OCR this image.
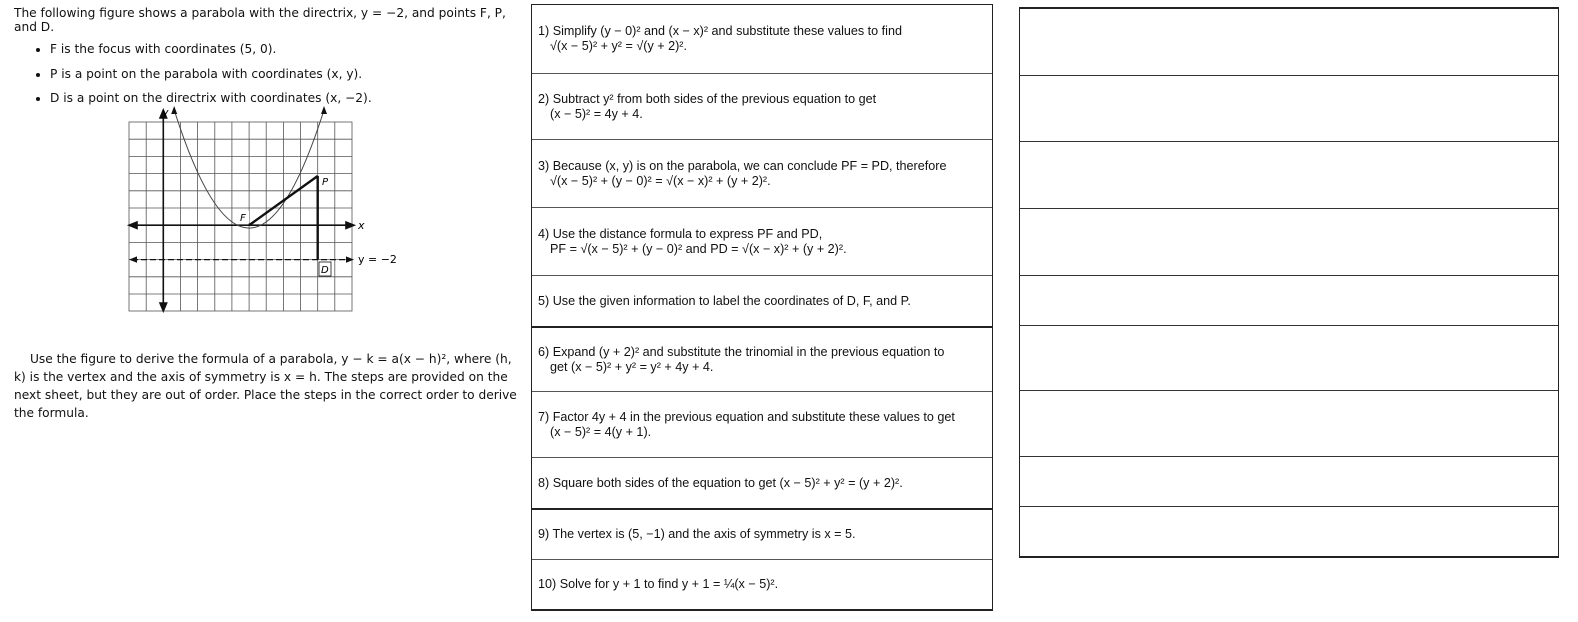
The following figure shows a parabola with the directrix, y = −2, and points F, P, and D.

• F is the focus with coordinates (5, 0).
• P is a point on the parabola with coordinates (x, y).
• D is a point on the directrix with coordinates (x, −2).
y
x
y = −2
F
P
D

Use the figure to derive the formula of a parabola, y − k = a(x − h)², where (h, k) is the vertex and the axis of symmetry is x = h. The steps are provided on the next sheet, but they are out of order. Place the steps in the correct order to derive the formula.

1) Simplify (y − 0)² and (x − x)² and substitute these values to find
√(x − 5)² + y² = √(y + 2)².
2) Subtract y² from both sides of the previous equation to get
(x − 5)² = 4y + 4.
3) Because (x, y) is on the parabola, we can conclude PF = PD, therefore
√(x − 5)² + (y − 0)² = √(x − x)² + (y + 2)².
4) Use the distance formula to express PF and PD,
PF = √(x − 5)² + (y − 0)² and PD = √(x − x)² + (y + 2)².
5) Use the given information to label the coordinates of D, F, and P.
6) Expand (y + 2)² and substitute the trinomial in the previous equation to
get (x − 5)² + y² = y² + 4y + 4.
7) Factor 4y + 4 in the previous equation and substitute these values to get
(x − 5)² = 4(y + 1).
8) Square both sides of the equation to get (x − 5)² + y² = (y + 2)².
9) The vertex is (5, −1) and the axis of symmetry is x = 5.
10) Solve for y + 1 to find y + 1 = ¼(x − 5)².
